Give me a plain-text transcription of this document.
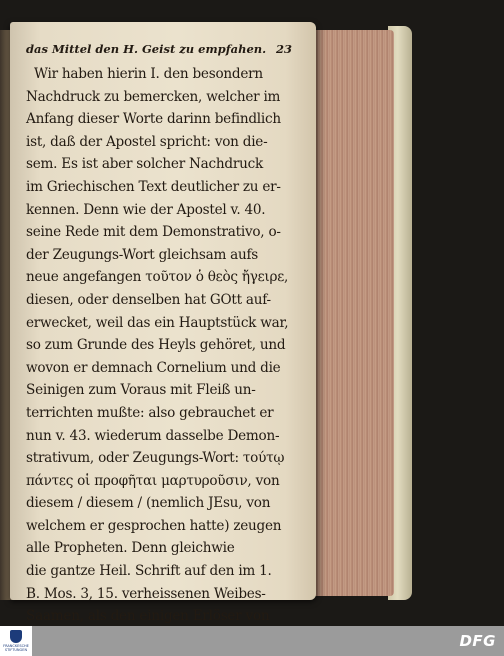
das Mittel den H. Geist zu empfahen. 23
Wir haben hierin I. den besondern
Nachdruck zu bemercken, welcher im
Anfang dieser Worte darinn befindlich
ist, daß der Apostel spricht: von die-
sem. Es ist aber solcher Nachdruck
im Griechischen Text deutlicher zu er-
kennen. Denn wie der Apostel v. 40.
seine Rede mit dem Demonstrativo, o-
der Zeugungs-Wort gleichsam aufs
neue angefangen τοῦτον ὁ θεὸς ἤγειρε,
diesen, oder denselben hat GOtt auf-
erwecket, weil das ein Hauptstück war,
so zum Grunde des Heyls gehöret, und
wovon er demnach Cornelium und die
Seinigen zum Voraus mit Fleiß un-
terrichten mußte: also gebrauchet er
nun v. 43. wiederum dasselbe Demon-
strativum, oder Zeugungs-Wort: τούτῳ
πάντες οἱ προφῆται μαρτυροῦσιν, von
diesem / diesem / (nemlich JEsu, von
welchem er gesprochen hatte) zeugen
alle Propheten. Denn gleichwie
die gantze Heil. Schrift auf den im 1.
B. Mos. 3, 15. verheissenen Weibes-
Saamen, als den einigen Erlöser von
FRANCKESCHE STIFTUNGEN	DFG
